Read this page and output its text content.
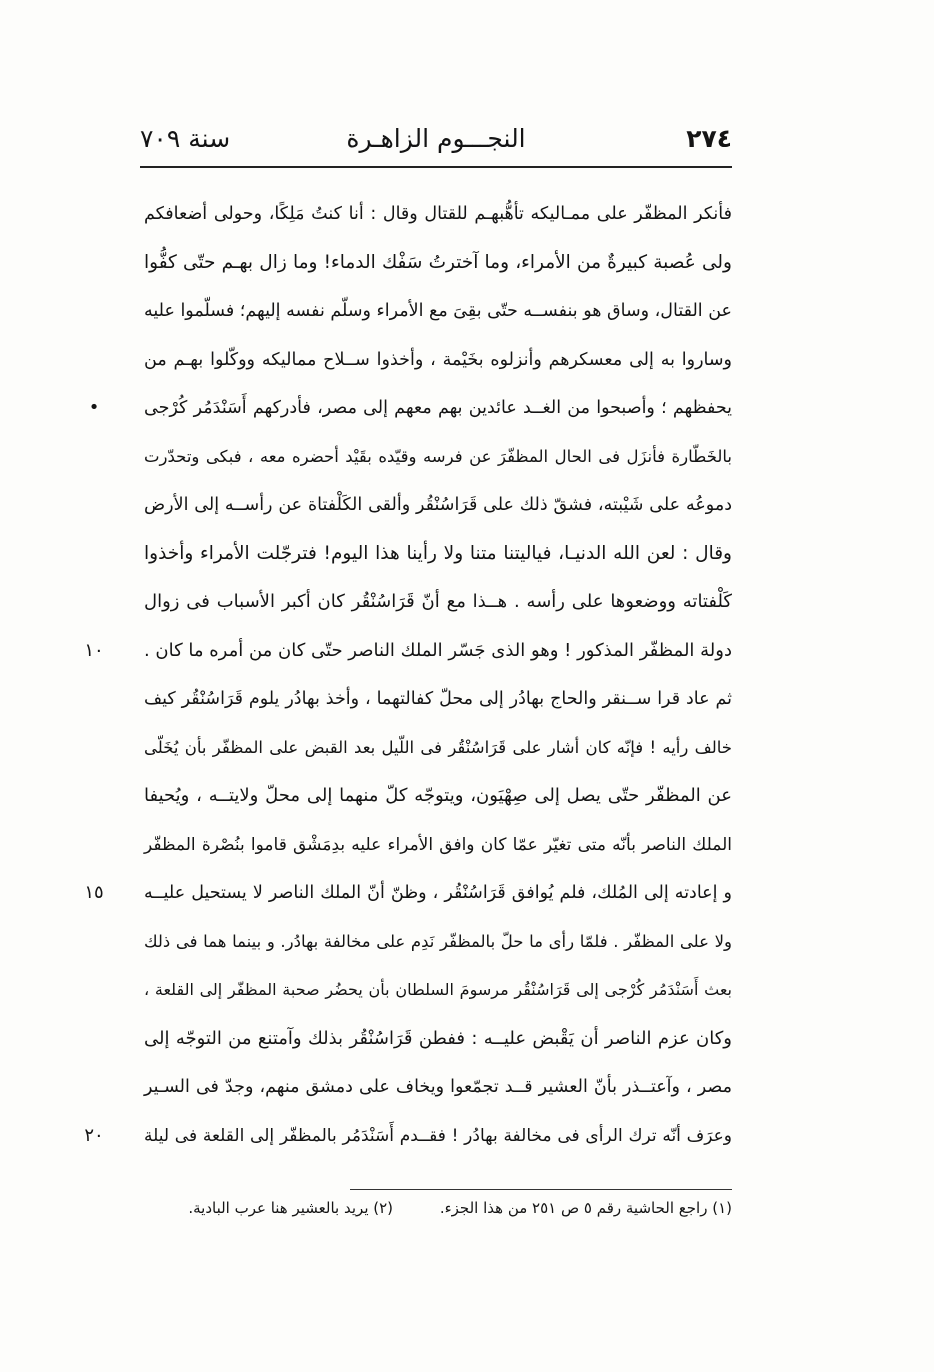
٢٧٤
النجـــوم الزاهـرة
سنة ٧٠٩
فأنكر المظفّر على ممـاليكه تأهُّبهـم للقتال وقال : أنا كنتُ مَلِكًا، وحولى أضعافكم
ولى عُصبة كبيرةٌ من الأمراء، وما آخترتُ سَفْك الدماء! وما زال بهـم حتّى كفُّوا
عن القتال، وساق هو بنفســه حتّى بقِىَ مع الأمراء وسلّم نفسه إليهم؛ فسلّموا عليه
وساروا به إلى معسكرهم وأنزلوه بخَيْمة ، وأخذوا ســلاح مماليكه ووكّلوا بهـم من
يحفظهم ؛ وأصبحوا من الغــد عائدين بهم معهم إلى مصر، فأدركهم أَسَنْدَمُر كُرْجى
•
بالخَطّارة فأنزَل فى الحال المظفّرَ عن فرسه وقيّده بقَيْد أحضره معه ، فبكى وتحدّرت
دموعُه على شَيْبته، فشقّ ذلك على قَرَاسُنْقُر وألقى الكَلْفتاة عن رأســه إلى الأرض
وقال : لعن الله الدنيـا، فياليتنا متنا ولا رأينا هذا اليوم! فترجّلت الأمراء وأخذوا
كَلْفتاته ووضعوها على رأسه . هــذا مع أنّ قَرَاسُنْقُر كان أكبر الأسباب فى زوال
دولة المظفّر المذكور ! وهو الذى جَسّر الملك الناصر حتّى كان من أمره ما كان .
١٠
ثم عاد قرا ســنقر والحاج بهادُر إلى محلّ كفالتهما ، وأخذ بهادُر يلوم قَرَاسُنْقُر كيف
خالف رأيه ! فإنّه كان أشار على قَرَاسُنْقُر فى اللّيل بعد القبض على المظفّر بأن يُخَلّى
عن المظفّر حتّى يصل إلى صِهْيَون، ويتوجّه كلّ منهما إلى محلّ ولايتــه ، ويُحيفا
الملك الناصر بأنّه متى تغيّر عمّا كان وافق الأمراء عليه بدِمَشْق قاموا بنُصْرة المظفّر
و إعادته إلى المُلك، فلم يُوافق قَرَاسُنْقُر ، وظنّ أنّ الملك الناصر لا يستحيل عليــه
١٥
ولا على المظفّر . فلمّا رأى ما حلّ بالمظفّر نَدِم على مخالفة بهادُر. و بينما هما فى ذلك
بعث أَسَنْدَمُر كُرْجى إلى قَرَاسُنْقُر مرسومَ السلطان بأن يحضُر صحبة المظفّر إلى القلعة ،
وكان عزم الناصر أن يَقْبض عليــه : ففطن قَرَاسُنْقُر بذلك وآمتنع من التوجّه إلى
مصر ، وآعتــذر بأنّ العشير قــد تجمّعوا ويخاف على دمشق منهم، وجدّ فى السـير
وعرَف أنّه ترك الرأى فى مخالفة بهادُر ! فقــدم أَسَنْدَمُر بالمظفّر إلى القلعة فى ليلة
٢٠
(١) راجع الحاشية رقم ٥ ص ٢٥١ من هذا الجزء. (٢) يريد بالعشير هنا عرب البادية.
